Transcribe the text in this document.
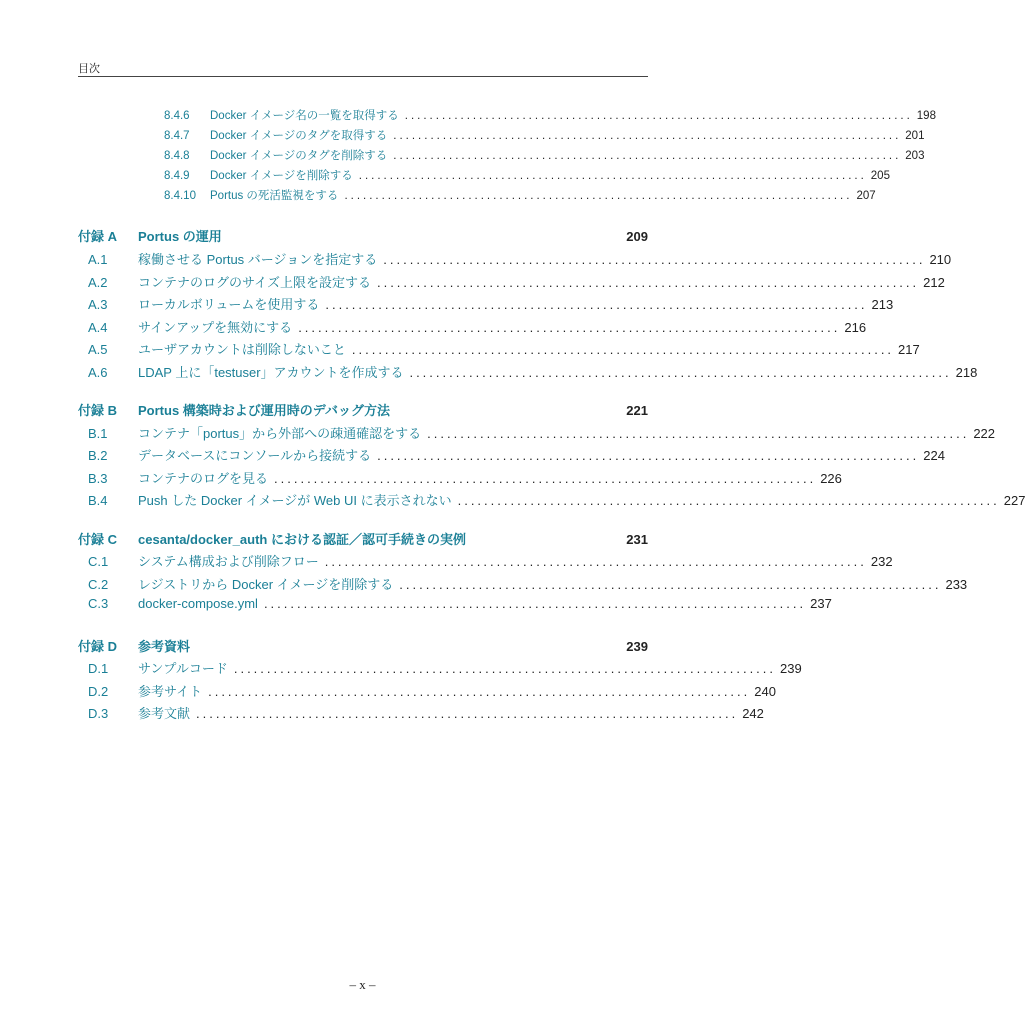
目次
8.4.6	Docker イメージ名の一覧を取得する .................................................................................. 198
8.4.7	Docker イメージのタグを取得する .................................................................................. 201
8.4.8	Docker イメージのタグを削除する .................................................................................. 203
8.4.9	Docker イメージを削除する .................................................................................. 205
8.4.10	Portus の死活監視をする .................................................................................. 207
付録 A	Portus の運用	209
A.1	稼働させる Portus バージョンを指定する .................................................................................. 210
A.2	コンテナのログのサイズ上限を設定する .................................................................................. 212
A.3	ローカルボリュームを使用する .................................................................................. 213
A.4	サインアップを無効にする .................................................................................. 216
A.5	ユーザアカウントは削除しないこと .................................................................................. 217
A.6	LDAP 上に「testuser」アカウントを作成する .................................................................................. 218
付録 B	Portus 構築時および運用時のデバッグ方法	221
B.1	コンテナ「portus」から外部への疎通確認をする .................................................................................. 222
B.2	データベースにコンソールから接続する .................................................................................. 224
B.3	コンテナのログを見る .................................................................................. 226
B.4	Push した Docker イメージが Web UI に表示されない .................................................................................. 227
付録 C	cesanta/docker_auth における認証／認可手続きの実例	231
C.1	システム構成および削除フロー .................................................................................. 232
C.2	レジストリから Docker イメージを削除する .................................................................................. 233
C.3	docker-compose.yml .................................................................................. 237
付録 D	参考資料	239
D.1	サンプルコード .................................................................................. 239
D.2	参考サイト .................................................................................. 240
D.3	参考文献 .................................................................................. 242
– x –
